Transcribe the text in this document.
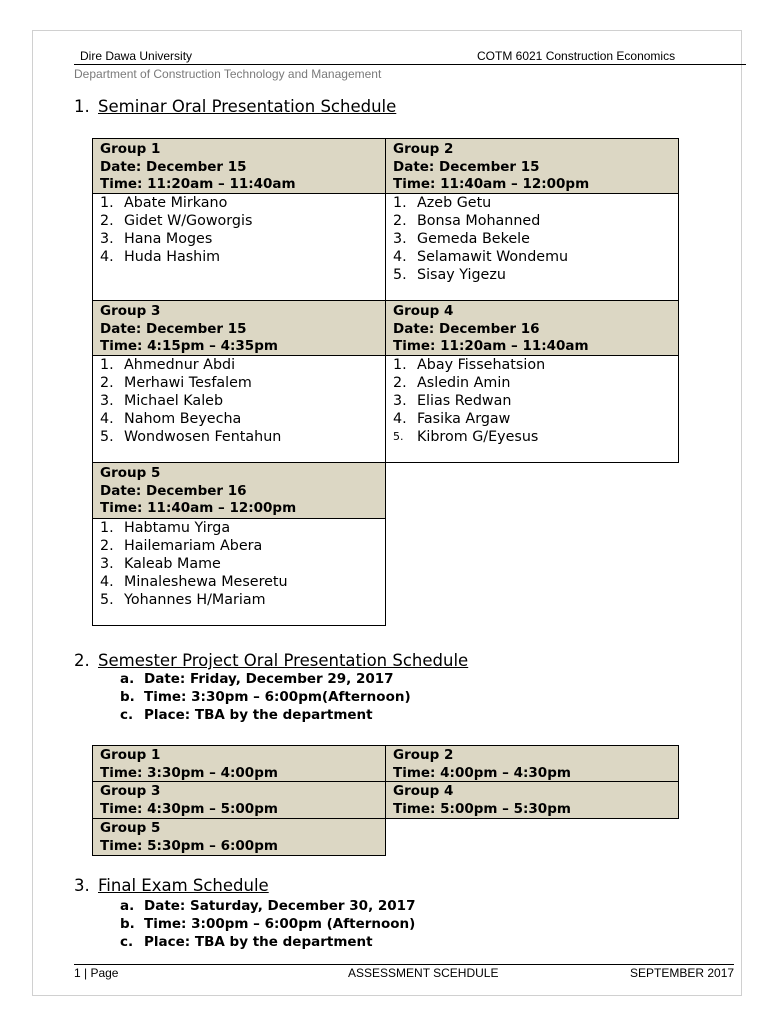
Dire Dawa University	COTM 6021 Construction Economics
Department of Construction Technology and Management
1. Seminar Oral Presentation Schedule
Group 1
Date: December 15
Time: 11:20am – 11:40am
1. Abate Mirkano
2. Gidet W/Goworgis
3. Hana Moges
4. Huda Hashim
Group 2
Date: December 15
Time: 11:40am – 12:00pm
1. Azeb Getu
2. Bonsa Mohanned
3. Gemeda Bekele
4. Selamawit Wondemu
5. Sisay Yigezu
Group 3
Date: December 15
Time: 4:15pm – 4:35pm
1. Ahmednur Abdi
2. Merhawi Tesfalem
3. Michael Kaleb
4. Nahom Beyecha
5. Wondwosen Fentahun
Group 4
Date: December 16
Time: 11:20am – 11:40am
1. Abay Fissehatsion
2. Asledin Amin
3. Elias Redwan
4. Fasika Argaw
5. Kibrom G/Eyesus
Group 5
Date: December 16
Time: 11:40am – 12:00pm
1. Habtamu Yirga
2. Hailemariam Abera
3. Kaleab Mame
4. Minaleshewa Meseretu
5. Yohannes H/Mariam
2. Semester Project Oral Presentation Schedule
a. Date: Friday, December 29, 2017
b. Time: 3:30pm – 6:00pm(Afternoon)
c. Place: TBA by the department
Group 1
Time: 3:30pm – 4:00pm
Group 2
Time: 4:00pm – 4:30pm
Group 3
Time: 4:30pm – 5:00pm
Group 4
Time: 5:00pm – 5:30pm
Group 5
Time: 5:30pm – 6:00pm
3. Final Exam Schedule
a. Date: Saturday, December 30, 2017
b. Time: 3:00pm – 6:00pm (Afternoon)
c. Place: TBA by the department
1 | Page	ASSESSMENT SCEHDULE	SEPTEMBER 2017
